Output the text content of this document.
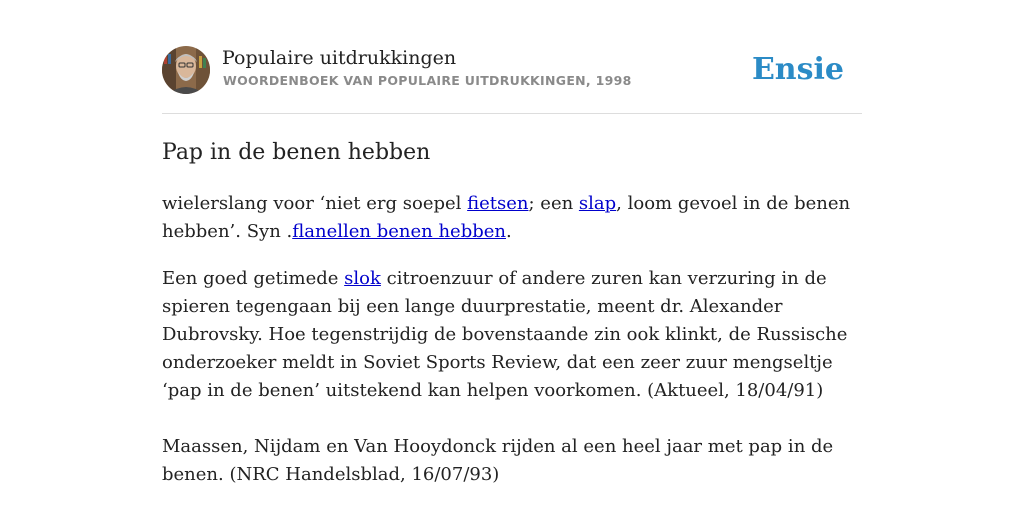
Populaire uitdrukkingen
WOORDENBOEK VAN POPULAIRE UITDRUKKINGEN, 1998	Ensie
Pap in de benen hebben

wielerslang voor ‘niet erg soepel fietsen; een slap, loom gevoel in de benen hebben’. Syn .flanellen benen hebben.

Een goed getimede slok citroenzuur of andere zuren kan verzuring in de spieren tegengaan bij een lange duurprestatie, meent dr. Alexander Dubrovsky. Hoe tegenstrijdig de bovenstaande zin ook klinkt, de Russische onderzoeker meldt in Soviet Sports Review, dat een zeer zuur mengseltje ‘pap in de benen’ uitstekend kan helpen voorkomen. (Aktueel, 18/04/91)

Maassen, Nijdam en Van Hooydonck rijden al een heel jaar met pap in de benen. (NRC Handelsblad, 16/07/93)
